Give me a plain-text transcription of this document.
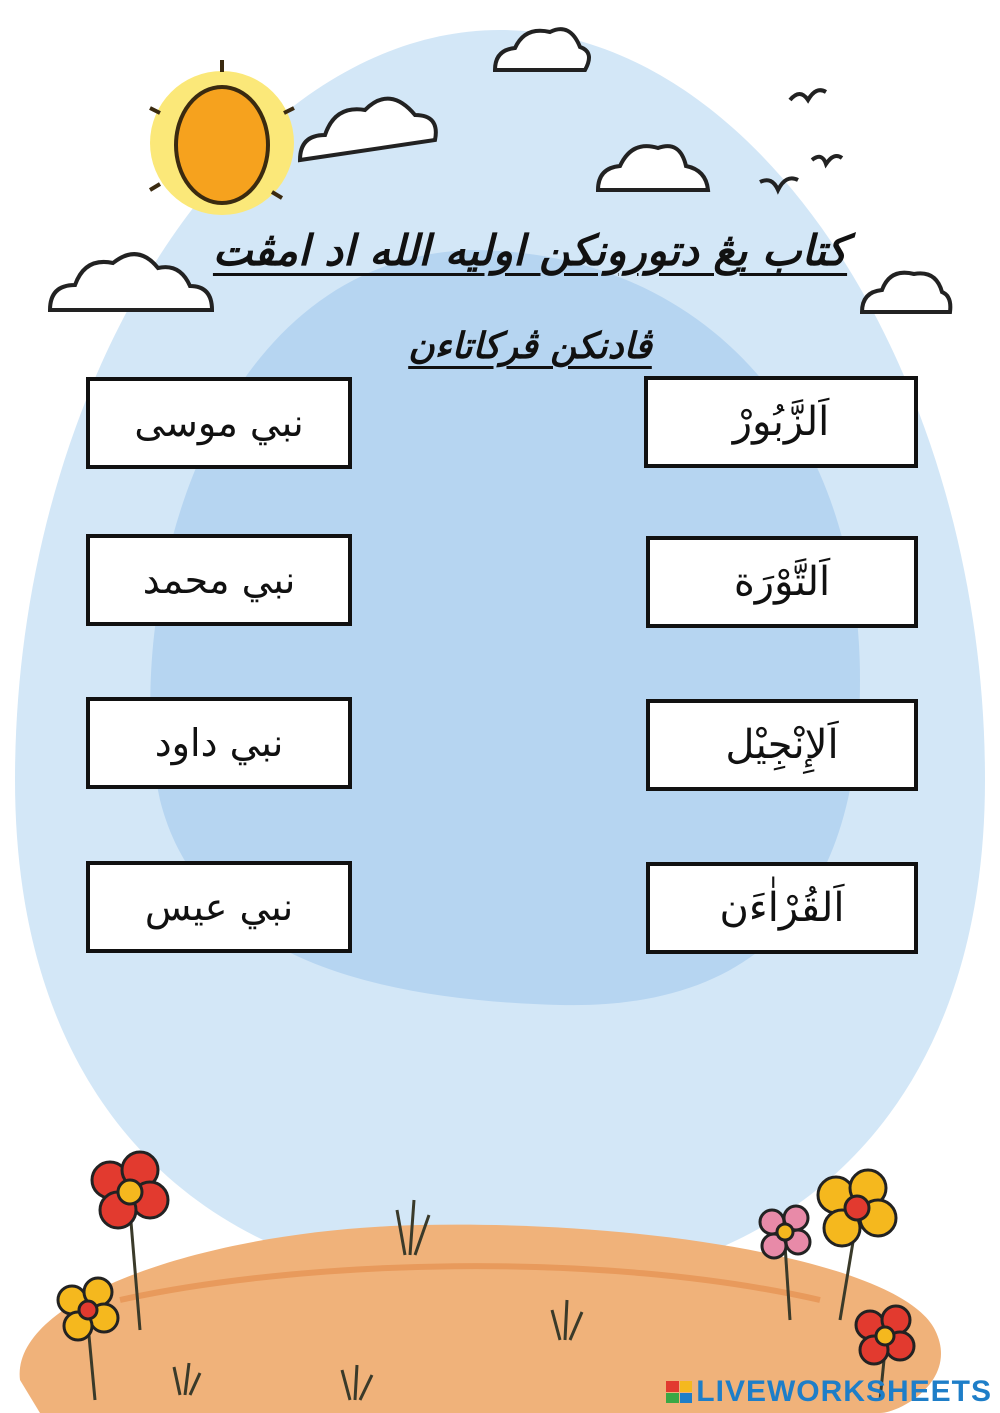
كتاب يڠ دتورونكن اوليه الله اد امڤت
ڤادنكن ڤركاتاءن
نبي موسى
نبي محمد
نبي داود
نبي عيس
اَلزَّبُورْ
اَلتَّوْرَة
اَلإِنْجِيْل
اَلقُرْاٰءَن
LIVEWORKSHEETS
